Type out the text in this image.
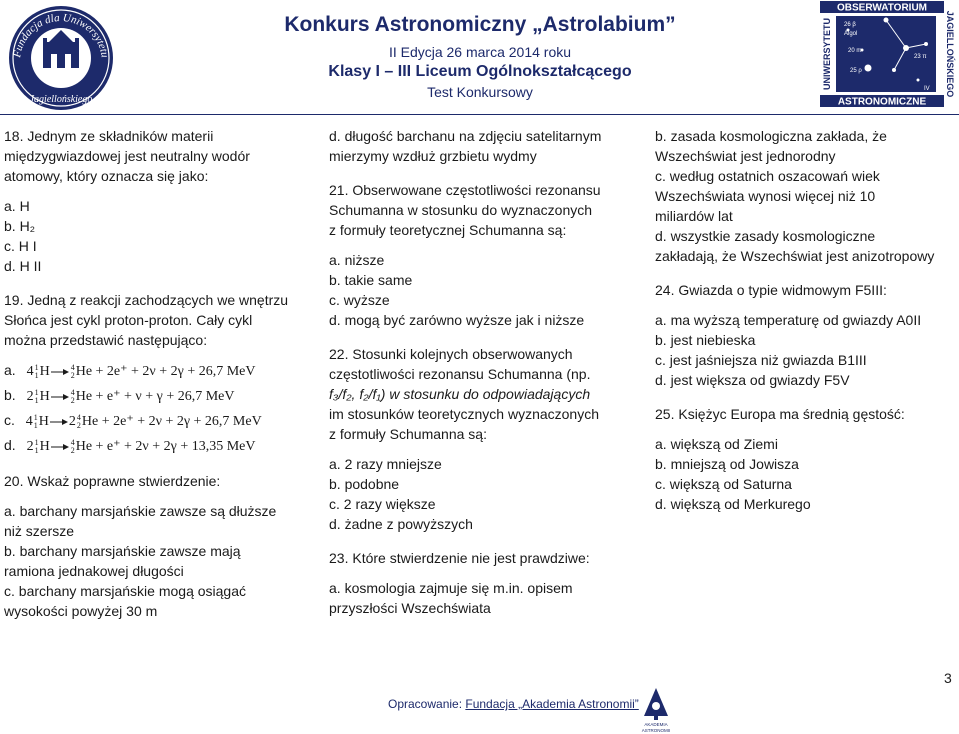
Fundacja dla Uniwersytetu
Jagiellońskiego
OBSERWATORIUM
ASTRONOMICZNE
UNIWERSYTETU	JAGIELLOŃSKIEGO
26 β
Algol
20 m
23 π
25 ρ
IV
Konkurs Astronomiczny „Astrolabium”
II Edycja 26 marca 2014 roku
Klasy I – III Liceum Ogólnokształcącego
Test Konkursowy
18. Jednym ze składników materii
międzygwiazdowej jest neutralny wodór
atomowy, który oznacza się jako:
a. H
b. H₂
c. H I
d. H II
19. Jedną z reakcji zachodzących we wnętrzu
Słońca jest cykl proton-proton. Cały cykl
można przedstawić następująco:
a. 4 1
1 H → 4
2 He + 2e⁺ + 2ν + 2γ + 26,7 MeV
b. 2 1
1 H → 4
2 He + e⁺ + ν + γ + 26,7 MeV
c. 4 1
1 H → 2 4
2 He + 2e⁺ + 2ν + 2γ + 26,7 MeV
d. 2 1
1 H → 4
2 He + e⁺ + 2ν + 2γ + 13,35 MeV
20. Wskaż poprawne stwierdzenie:
a. barchany marsjańskie zawsze są dłuższe
niż szersze
b. barchany marsjańskie zawsze mają
ramiona jednakowej długości
c. barchany marsjańskie mogą osiągać
wysokości powyżej 30 m
d. długość barchanu na zdjęciu satelitarnym
mierzymy wzdłuż grzbietu wydmy
21. Obserwowane częstotliwości rezonansu
Schumanna w stosunku do wyznaczonych
z formuły teoretycznej Schumanna są:
a. niższe
b. takie same
c. wyższe
d. mogą być zarówno wyższe jak i niższe
22. Stosunki kolejnych obserwowanych
częstotliwości rezonansu Schumanna (np.
f₃/f₂, f₂/f₁) w stosunku do odpowiadających
im stosunków teoretycznych wyznaczonych
z formuły Schumanna są:
a. 2 razy mniejsze
b. podobne
c. 2 razy większe
d. żadne z powyższych
23. Które stwierdzenie nie jest prawdziwe:
a. kosmologia zajmuje się m.in. opisem
przyszłości Wszechświata
b. zasada kosmologiczna zakłada, że
Wszechświat jest jednorodny
c. według ostatnich oszacowań wiek
Wszechświata wynosi więcej niż 10
miliardów lat
d. wszystkie zasady kosmologiczne
zakładają, że Wszechświat jest anizotropowy
24. Gwiazda o typie widmowym F5III:
a. ma wyższą temperaturę od gwiazdy A0II
b. jest niebieska
c. jest jaśniejsza niż gwiazda B1III
d. jest większa od gwiazdy F5V
25. Księżyc Europa ma średnią gęstość:
a. większą od Ziemi
b. mniejszą od Jowisza
c. większą od Saturna
d. większą od Merkurego
3
Opracowanie: Fundacja „Akademia Astronomii”
AKADEMIA
ASTRONOMII
